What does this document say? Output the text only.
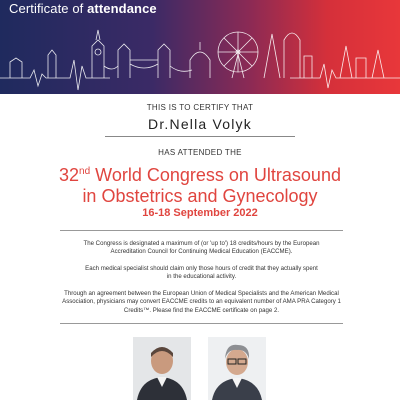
Certificate of attendance
THIS IS TO CERTIFY THAT
Dr.Nella Volyk
HAS ATTENDED THE
32nd World Congress on Ultrasound
in Obstetrics and Gynecology
16-18 September 2022
The Congress is designated a maximum of (or 'up to') 18 credits/hours by the European
Accreditation Council for Continuing Medical Education (EACCME).
Each medical specialist should claim only those hours of credit that they actually spent
in the educational activity.
Through an agreement between the European Union of Medical Specialists and the American Medical
Association, physicians may convert EACCME credits to an equivalent number of AMA PRA Category 1
Credits™. Please find the EACCME certificate on page 2.
